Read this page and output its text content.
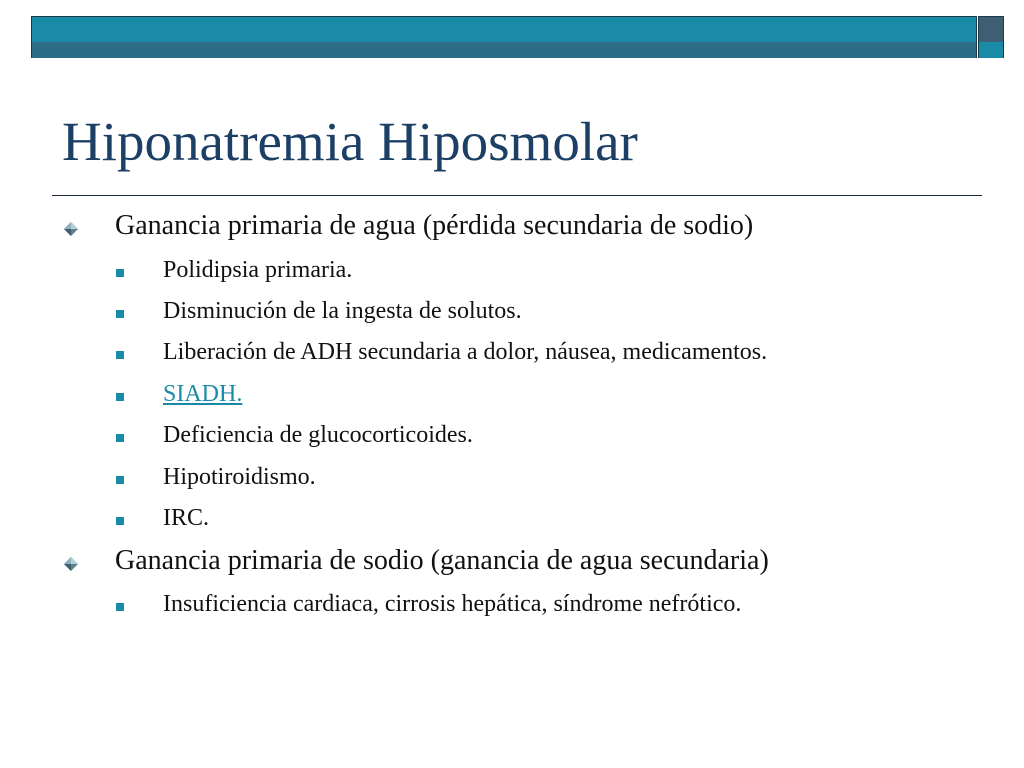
Hiponatremia Hiposmolar
Ganancia primaria de agua (pérdida secundaria de sodio)
Polidipsia primaria.
Disminución de la ingesta de solutos.
Liberación de ADH secundaria a dolor, náusea, medicamentos.
SIADH.
Deficiencia de glucocorticoides.
Hipotiroidismo.
IRC.
Ganancia primaria de sodio (ganancia de agua secundaria)
Insuficiencia cardiaca, cirrosis hepática, síndrome nefrótico.
